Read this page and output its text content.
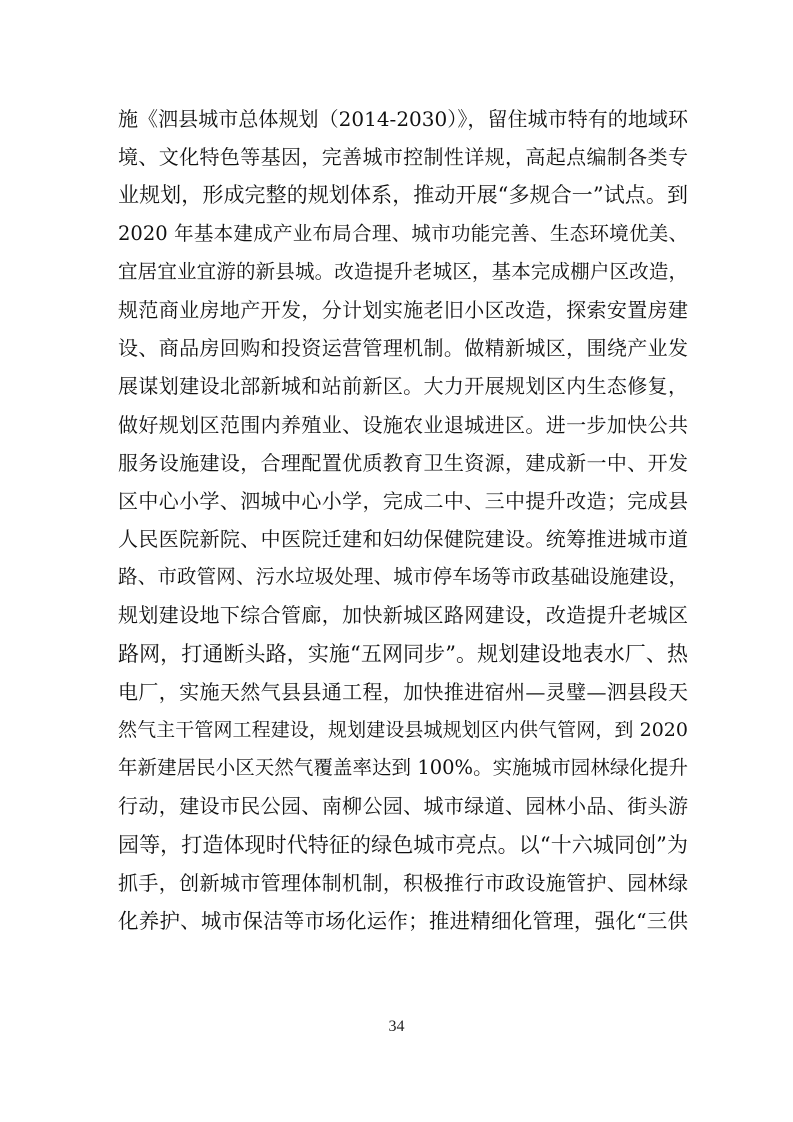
施《泗县城市总体规划（2014-2030）》，留住城市特有的地域环
境、文化特色等基因，完善城市控制性详规，高起点编制各类专
业规划，形成完整的规划体系，推动开展“多规合一”试点。到
2020 年基本建成产业布局合理、城市功能完善、生态环境优美、
宜居宜业宜游的新县城。改造提升老城区，基本完成棚户区改造，
规范商业房地产开发，分计划实施老旧小区改造，探索安置房建
设、商品房回购和投资运营管理机制。做精新城区，围绕产业发
展谋划建设北部新城和站前新区。大力开展规划区内生态修复，
做好规划区范围内养殖业、设施农业退城进区。进一步加快公共
服务设施建设，合理配置优质教育卫生资源，建成新一中、开发
区中心小学、泗城中心小学，完成二中、三中提升改造；完成县
人民医院新院、中医院迁建和妇幼保健院建设。统筹推进城市道
路、市政管网、污水垃圾处理、城市停车场等市政基础设施建设，
规划建设地下综合管廊，加快新城区路网建设，改造提升老城区
路网，打通断头路，实施“五网同步”。规划建设地表水厂、热
电厂，实施天然气县县通工程，加快推进宿州—灵璧—泗县段天
然气主干管网工程建设，规划建设县城规划区内供气管网，到 2020
年新建居民小区天然气覆盖率达到 100%。实施城市园林绿化提升
行动，建设市民公园、南柳公园、城市绿道、园林小品、街头游
园等，打造体现时代特征的绿色城市亮点。以“十六城同创”为
抓手，创新城市管理体制机制，积极推行市政设施管护、园林绿
化养护、城市保洁等市场化运作；推进精细化管理，强化“三供
34
